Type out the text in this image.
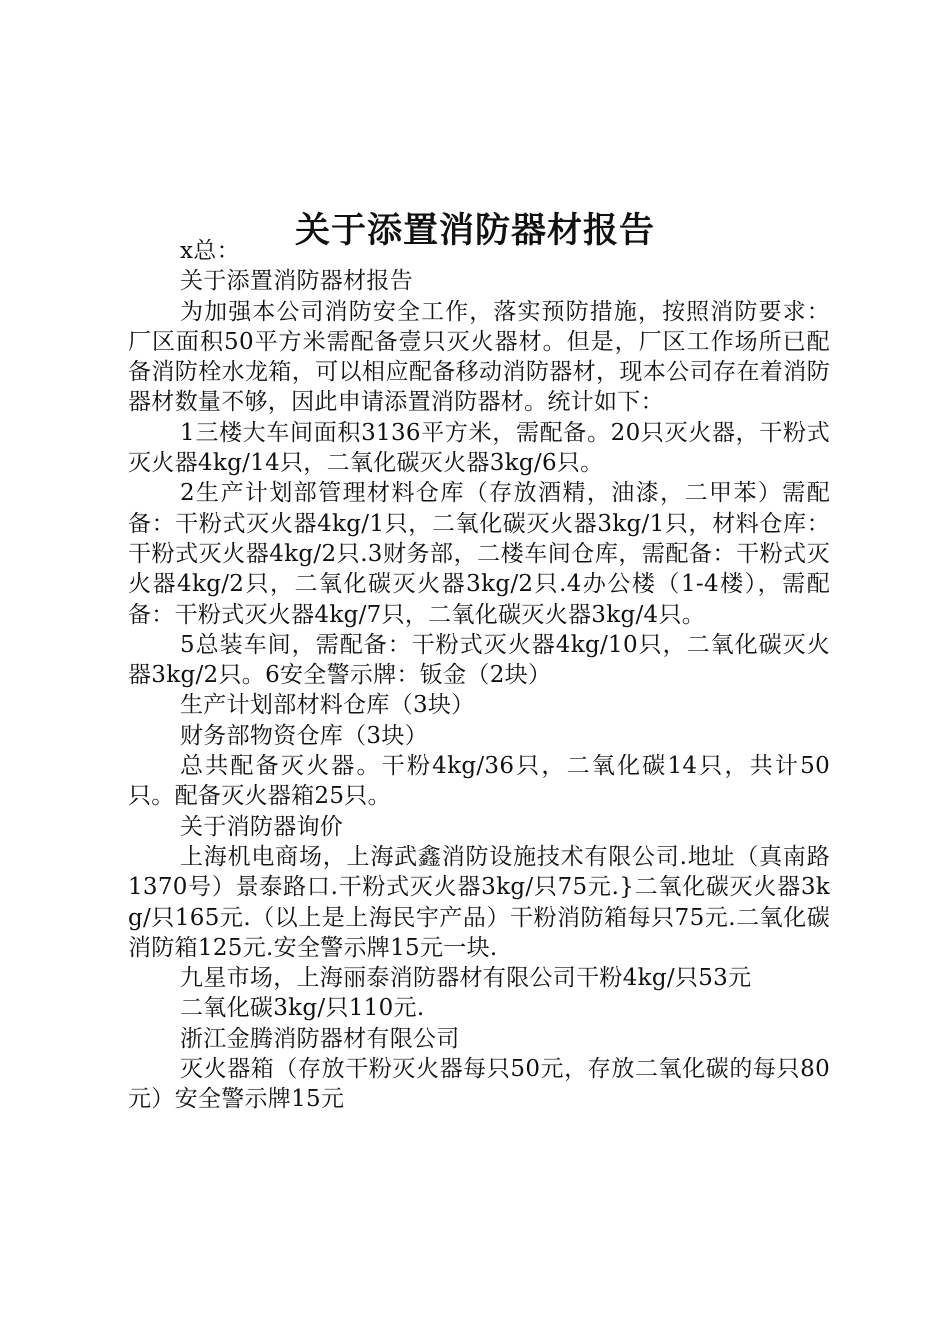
关于添置消防器材报告

x总：

关于添置消防器材报告

为加强本公司消防安全工作，落实预防措施，按照消防要求：厂区面积50平方米需配备壹只灭火器材。但是，厂区工作场所已配备消防栓水龙箱，可以相应配备移动消防器材，现本公司存在着消防器材数量不够，因此申请添置消防器材。统计如下：

1三楼大车间面积3136平方米，需配备。20只灭火器，干粉式灭火器4kg/14只，二氧化碳灭火器3kg/6只。

2生产计划部管理材料仓库（存放酒精，油漆，二甲苯）需配备：干粉式灭火器4kg/1只，二氧化碳灭火器3kg/1只，材料仓库：干粉式灭火器4kg/2只.3财务部，二楼车间仓库，需配备：干粉式灭火器4kg/2只，二氧化碳灭火器3kg/2只.4办公楼（1-4楼），需配备：干粉式灭火器4kg/7只，二氧化碳灭火器3kg/4只。

5总装车间，需配备：干粉式灭火器4kg/10只，二氧化碳灭火器3kg/2只。6安全警示牌：钣金（2块）

生产计划部材料仓库（3块）

财务部物资仓库（3块）

总共配备灭火器。干粉4kg/36只，二氧化碳14只，共计50只。配备灭火器箱25只。

关于消防器询价

上海机电商场，上海武鑫消防设施技术有限公司.地址（真南路1370号）景泰路口.干粉式灭火器3kg/只75元.}二氧化碳灭火器3kg/只165元.（以上是上海民宇产品）干粉消防箱每只75元.二氧化碳消防箱125元.安全警示牌15元一块.

九星市场，上海丽泰消防器材有限公司干粉4kg/只53元

二氧化碳3kg/只110元.

浙江金腾消防器材有限公司

灭火器箱（存放干粉灭火器每只50元，存放二氧化碳的每只80元）安全警示牌15元
